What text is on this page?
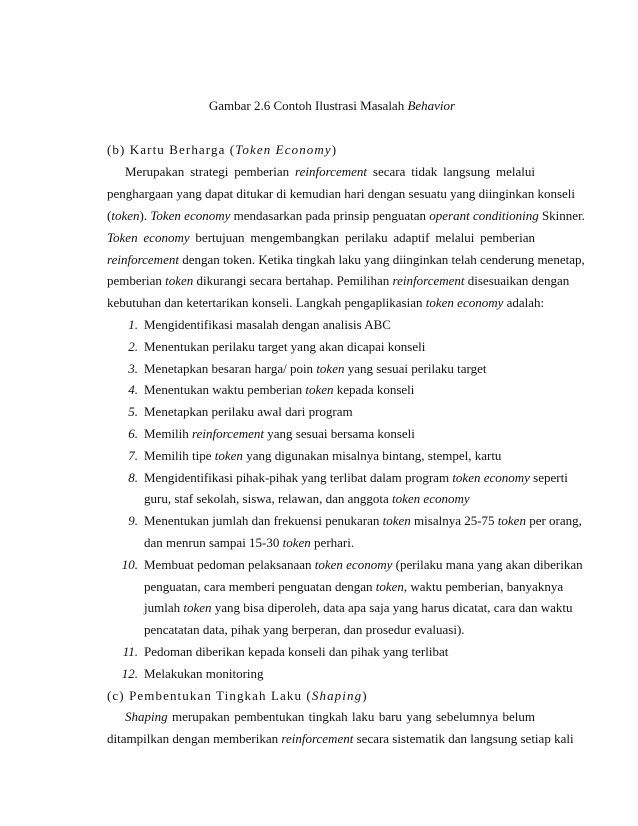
Gambar 2.6 Contoh Ilustrasi Masalah Behavior
(b) Kartu Berharga (Token Economy)
Merupakan strategi pemberian reinforcement secara tidak langsung melalui
penghargaan yang dapat ditukar di kemudian hari dengan sesuatu yang diinginkan konseli
(token). Token economy mendasarkan pada prinsip penguatan operant conditioning Skinner.
Token economy bertujuan mengembangkan perilaku adaptif melalui pemberian
reinforcement dengan token. Ketika tingkah laku yang diinginkan telah cenderung menetap,
pemberian token dikurangi secara bertahap. Pemilihan reinforcement disesuaikan dengan
kebutuhan dan ketertarikan konseli. Langkah pengaplikasian token economy adalah:
1. Mengidentifikasi masalah dengan analisis ABC
2. Menentukan perilaku target yang akan dicapai konseli
3. Menetapkan besaran harga/ poin token yang sesuai perilaku target
4. Menentukan waktu pemberian token kepada konseli
5. Menetapkan perilaku awal dari program
6. Memilih reinforcement yang sesuai bersama konseli
7. Memilih tipe token yang digunakan misalnya bintang, stempel, kartu
8. Mengidentifikasi pihak-pihak yang terlibat dalam program token economy seperti
guru, staf sekolah, siswa, relawan, dan anggota token economy
9. Menentukan jumlah dan frekuensi penukaran token misalnya 25-75 token per orang,
dan menrun sampai 15-30 token perhari.
10. Membuat pedoman pelaksanaan token economy (perilaku mana yang akan diberikan
penguatan, cara memberi penguatan dengan token, waktu pemberian, banyaknya
jumlah token yang bisa diperoleh, data apa saja yang harus dicatat, cara dan waktu
pencatatan data, pihak yang berperan, dan prosedur evaluasi).
11. Pedoman diberikan kepada konseli dan pihak yang terlibat
12. Melakukan monitoring
(c) Pembentukan Tingkah Laku (Shaping)
Shaping merupakan pembentukan tingkah laku baru yang sebelumnya belum
ditampilkan dengan memberikan reinforcement secara sistematik dan langsung setiap kali
